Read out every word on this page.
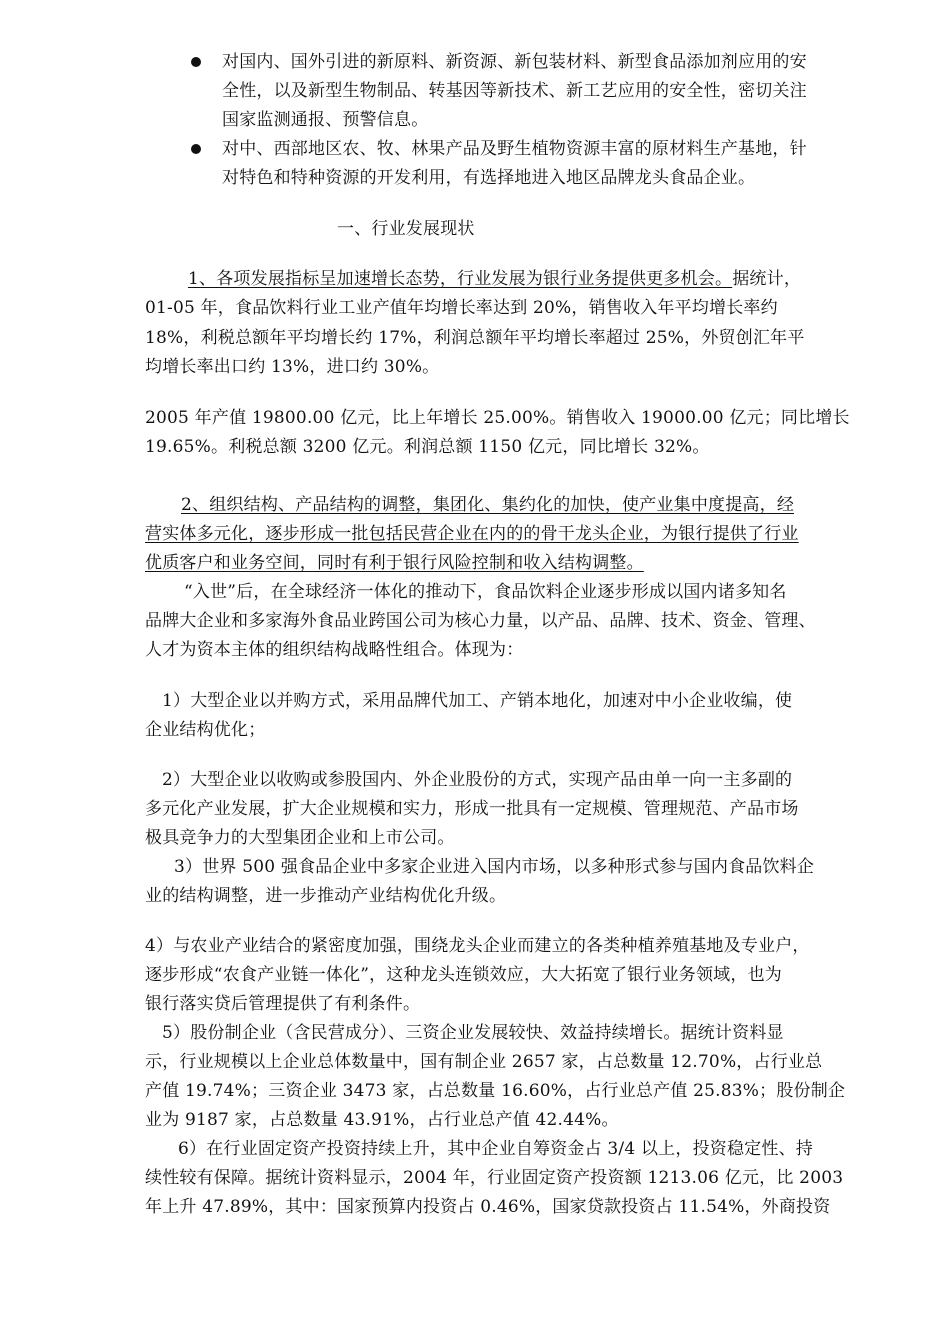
对国内、国外引进的新原料、新资源、新包装材料、新型食品添加剂应用的安
全性，以及新型生物制品、转基因等新技术、新工艺应用的安全性，密切关注
国家监测通报、预警信息。
对中、西部地区农、牧、林果产品及野生植物资源丰富的原材料生产基地，针
对特色和特种资源的开发利用，有选择地进入地区品牌龙头食品企业。
一、行业发展现状
1、各项发展指标呈加速增长态势，行业发展为银行业务提供更多机会。据统计，
01-05 年，食品饮料行业工业产值年均增长率达到 20%，销售收入年平均增长率约
18%，利税总额年平均增长约 17%，利润总额年平均增长率超过 25%，外贸创汇年平
均增长率出口约 13%，进口约 30%。
2005 年产值 19800.00 亿元，比上年增长 25.00%。销售收入 19000.00 亿元；同比增长
19.65%。利税总额 3200 亿元。利润总额 1150 亿元，同比增长 32%。
2、组织结构、产品结构的调整，集团化、集约化的加快，使产业集中度提高，经
营实体多元化，逐步形成一批包括民营企业在内的的骨干龙头企业，为银行提供了行业
优质客户和业务空间，同时有利于银行风险控制和收入结构调整。
“入世”后，在全球经济一体化的推动下，食品饮料企业逐步形成以国内诸多知名
品牌大企业和多家海外食品业跨国公司为核心力量，以产品、品牌、技术、资金、管理、
人才为资本主体的组织结构战略性组合。体现为：
1）大型企业以并购方式，采用品牌代加工、产销本地化，加速对中小企业收编，使
企业结构优化；
2）大型企业以收购或参股国内、外企业股份的方式，实现产品由单一向一主多副的
多元化产业发展，扩大企业规模和实力，形成一批具有一定规模、管理规范、产品市场
极具竞争力的大型集团企业和上市公司。
3）世界 500 强食品企业中多家企业进入国内市场，以多种形式参与国内食品饮料企
业的结构调整，进一步推动产业结构优化升级。
4）与农业产业结合的紧密度加强，围绕龙头企业而建立的各类种植养殖基地及专业户，
逐步形成“农食产业链一体化”，这种龙头连锁效应，大大拓宽了银行业务领域，也为
银行落实贷后管理提供了有利条件。
5）股份制企业（含民营成分）、三资企业发展较快、效益持续增长。据统计资料显
示，行业规模以上企业总体数量中，国有制企业 2657 家，占总数量 12.70%，占行业总
产值 19.74%；三资企业 3473 家，占总数量 16.60%，占行业总产值 25.83%；股份制企
业为 9187 家，占总数量 43.91%，占行业总产值 42.44%。
6）在行业固定资产投资持续上升，其中企业自筹资金占 3/4 以上，投资稳定性、持
续性较有保障。据统计资料显示，2004 年，行业固定资产投资额 1213.06 亿元，比 2003
年上升 47.89%，其中：国家预算内投资占 0.46%，国家贷款投资占 11.54%，外商投资
